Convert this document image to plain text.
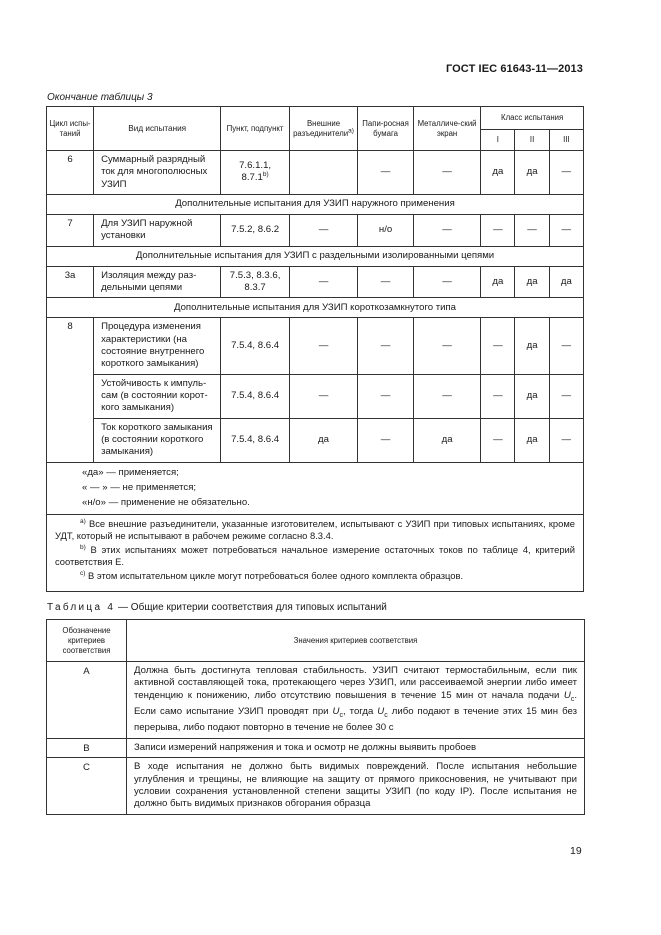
ГОСТ IEC 61643-11—2013
Окончание таблицы 3
Цикл испы-таний	Вид испытания	Пункт, подпункт	Внешние разъединители$^{а)}$	Папи-росная бумага	Металличе-ский экран	Класс испытания		
						I	II	III
6	Суммарный разрядный ток для многополюсных УЗИП	7.6.1.1, 8.7.1$^{b)}$		—	—	да	да	—
Дополнительные испытания для УЗИП наружного применения								
7	Для УЗИП наружной установки	7.5.2, 8.6.2	—	н/о	—	—	—	—
Дополнительные испытания для УЗИП с раздельными изолированными цепями								
3а	Изоляция между раз-дельными цепями	7.5.3, 8.3.6, 8.3.7	—	—	—	да	да	да
Дополнительные испытания для УЗИП короткозамкнутого типа								
8	Процедура изменения характеристики (на состояние внутреннего короткого замыкания)	7.5.4, 8.6.4	—	—	—	—	да	—
	Устойчивость к импуль-сам (в состоянии корот-кого замыкания)	7.5.4, 8.6.4	—	—	—	—	да	—
	Ток короткого замыкания (в состоянии короткого замыкания)	7.5.4, 8.6.4	да	—	да	—	да	—

«да» — применяется;

« — » — не применяется;

«н/о» — применение не обязательно.								

$^{a)}$ Все внешние разъединители, указанные изготовителем, испытывают с УЗИП при типовых испытаниях, кроме УДТ, который не испытывают в рабочем режиме согласно 8.3.4.

$^{b)}$ В этих испытаниях может потребоваться начальное измерение остаточных токов по таблице 4, критерий соответствия E.

$^{c)}$ В этом испытательном цикле могут потребоваться более одного комплекта образцов.								

Таблица 4 — Общие критерии соответствия для типовых испытаний
Обозначение критериев соответствия	Значения критериев соответствия
A	Должна быть достигнута тепловая стабильность. УЗИП считают термостабильным, если пик активной составляющей тока, протекающего через УЗИП, или рассеиваемой энергии либо имеет тенденцию к понижению, либо отсутствию повышения в течение 15 мин от начала подачи $U_с$. Если само испытание УЗИП проводят при $U_с$, тогда $U_с$ либо подают в течение этих 15 мин без перерыва, либо подают повторно в течение не более 30 с
B	Записи измерений напряжения и тока и осмотр не должны выявить пробоев
C	В ходе испытания не должно быть видимых повреждений. После испытания небольшие углубления и трещины, не влияющие на защиту от прямого прикосновения, не учитывают при условии сохранения установленной степени защиты УЗИП (по коду IP). После испытания не должно быть видимых признаков обгорания образца
19
